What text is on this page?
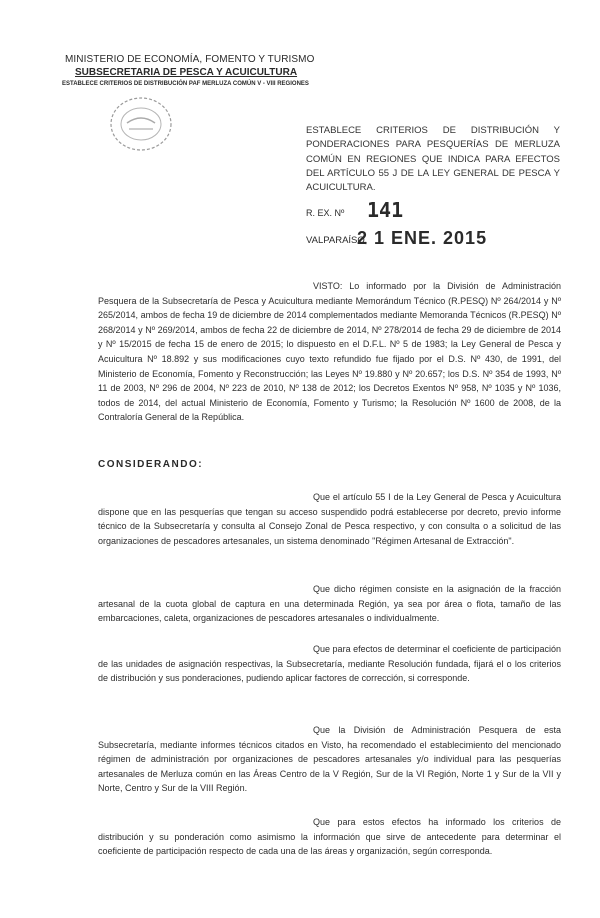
MINISTERIO DE ECONOMÍA, FOMENTO Y TURISMO
SUBSECRETARIA DE PESCA Y ACUICULTURA
ESTABLECE CRITERIOS DE DISTRIBUCIÓN PAF MERLUZA COMÚN V - VIII REGIONES
ESTABLECE CRITERIOS DE DISTRIBUCIÓN Y PONDERACIONES PARA PESQUERÍAS DE MERLUZA COMÚN EN REGIONES QUE INDICA PARA EFECTOS DEL ARTÍCULO 55 J DE LA LEY GENERAL DE PESCA Y ACUICULTURA.
R. EX. Nº 141
VALPARAÍSO,
2 1 ENE. 2015
VISTO: Lo informado por la División de Administración Pesquera de la Subsecretaría de Pesca y Acuicultura mediante Memorándum Técnico (R.PESQ) Nº 264/2014 y Nº 265/2014, ambos de fecha 19 de diciembre de 2014 complementados mediante Memoranda Técnicos (R.PESQ) Nº 268/2014 y Nº 269/2014, ambos de fecha 22 de diciembre de 2014, Nº 278/2014 de fecha 29 de diciembre de 2014 y Nº 15/2015 de fecha 15 de enero de 2015; lo dispuesto en el D.F.L. Nº 5 de 1983; la Ley General de Pesca y Acuicultura Nº 18.892 y sus modificaciones cuyo texto refundido fue fijado por el D.S. Nº 430, de 1991, del Ministerio de Economía, Fomento y Reconstrucción; las Leyes Nº 19.880 y Nº 20.657; los D.S. Nº 354 de 1993, Nº 11 de 2003, Nº 296 de 2004, Nº 223 de 2010, Nº 138 de 2012; los Decretos Exentos Nº 958, Nº 1035 y Nº 1036, todos de 2014, del actual Ministerio de Economía, Fomento y Turismo; la Resolución Nº 1600 de 2008, de la Contraloría General de la República.
CONSIDERANDO:
Que el artículo 55 I de la Ley General de Pesca y Acuicultura dispone que en las pesquerías que tengan su acceso suspendido podrá establecerse por decreto, previo informe técnico de la Subsecretaría y consulta al Consejo Zonal de Pesca respectivo, y con consulta o a solicitud de las organizaciones de pescadores artesanales, un sistema denominado "Régimen Artesanal de Extracción".
Que dicho régimen consiste en la asignación de la fracción artesanal de la cuota global de captura en una determinada Región, ya sea por área o flota, tamaño de las embarcaciones, caleta, organizaciones de pescadores artesanales o individualmente.
Que para efectos de determinar el coeficiente de participación de las unidades de asignación respectivas, la Subsecretaría, mediante Resolución fundada, fijará el o los criterios de distribución y sus ponderaciones, pudiendo aplicar factores de corrección, si corresponde.
Que la División de Administración Pesquera de esta Subsecretaría, mediante informes técnicos citados en Visto, ha recomendado el establecimiento del mencionado régimen de administración por organizaciones de pescadores artesanales y/o individual para las pesquerías artesanales de Merluza común en las Áreas Centro de la V Región, Sur de la VI Región, Norte 1 y Sur de la VII y Norte, Centro y Sur de la VIII Región.
Que para estos efectos ha informado los criterios de distribución y su ponderación como asimismo la información que sirve de antecedente para determinar el coeficiente de participación respecto de cada una de las áreas y organización, según corresponda.
